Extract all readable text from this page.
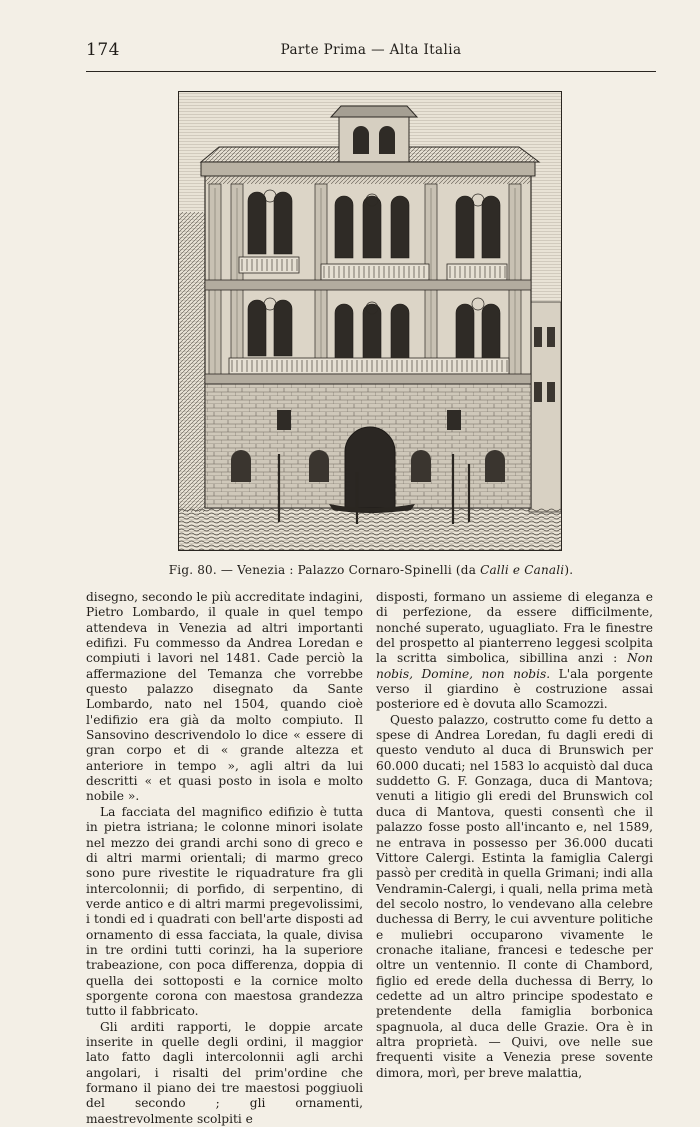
174	Parte Prima — Alta Italia
Fig. 80. — Venezia : Palazzo Cornaro-Spinelli (da Calli e Canali).

disegno, secondo le più accreditate indagini, Pietro Lombardo, il quale in quel tempo attendeva in Venezia ad altri importanti edifizi. Fu commesso da Andrea Loredan e compiuti i lavori nel 1481. Cade perciò la affermazione del Temanza che vorrebbe questo palazzo disegnato da Sante Lombardo, nato nel 1504, quando cioè l'edifizio era già da molto compiuto. Il Sansovino descrivendolo lo dice « essere di gran corpo et di « grande altezza et anteriore in tempo », agli altri da lui descritti « et quasi posto in isola e molto nobile ».

La facciata del magnifico edifizio è tutta in pietra istriana; le colonne minori isolate nel mezzo dei grandi archi sono di greco e di altri marmi orientali; di marmo greco sono pure rivestite le riquadrature fra gli intercolonnii; di porfido, di serpentino, di verde antico e di altri marmi pregevolissimi, i tondi ed i quadrati con bell'arte disposti ad ornamento di essa facciata, la quale, divisa in tre ordini tutti corinzi, ha la superiore trabeazione, con poca differenza, doppia di quella dei sottoposti e la cornice molto sporgente corona con maestosa grandezza tutto il fabbricato.

Gli arditi rapporti, le doppie arcate inserite in quelle degli ordini, il maggior lato fatto dagli intercolonnii agli archi angolari, i risalti del prim'ordine che formano il piano dei tre maestosi poggiuoli del secondo ; gli ornamenti, maestrevolmente scolpiti e

disposti, formano un assieme di eleganza e di perfezione, da essere difficilmente, nonché superato, uguagliato. Fra le finestre del prospetto al pianterreno leggesi scolpita la scritta simbolica, sibillina anzi : Non nobis, Domine, non nobis. L'ala porgente verso il giardino è costruzione assai posteriore ed è dovuta allo Scamozzi.

Questo palazzo, costrutto come fu detto a spese di Andrea Loredan, fu dagli eredi di questo venduto al duca di Brunswich per 60.000 ducati; nel 1583 lo acquistò dal duca suddetto G. F. Gonzaga, duca di Mantova; venuti a litigio gli eredi del Brunswich col duca di Mantova, questi consentì che il palazzo fosse posto all'incanto e, nel 1589, ne entrava in possesso per 36.000 ducati Vittore Calergi. Estinta la famiglia Calergi passò per credità in quella Grimani; indi alla Vendramin-Calergi, i quali, nella prima metà del secolo nostro, lo vendevano alla celebre duchessa di Berry, le cui avventure politiche e muliebri occuparono vivamente le cronache italiane, francesi e tedesche per oltre un ventennio. Il conte di Chambord, figlio ed erede della duchessa di Berry, lo cedette ad un altro principe spodestato e pretendente della famiglia borbonica spagnuola, al duca delle Grazie. Ora è in altra proprietà. — Quivi, ove nelle sue frequenti visite a Venezia prese sovente dimora, morì, per breve malattia,
